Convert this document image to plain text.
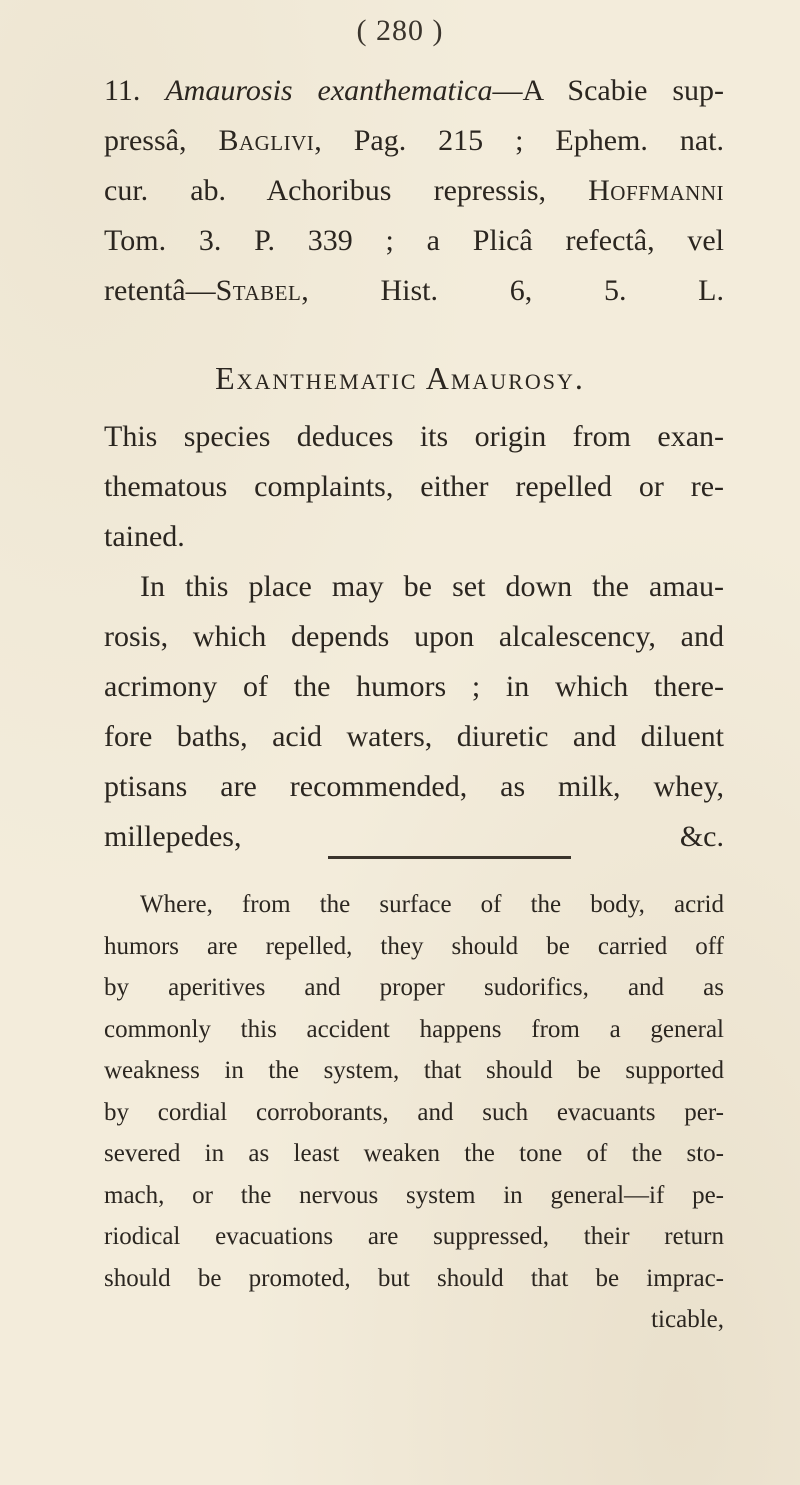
( 280 )
11. Amaurosis exanthematica—A Scabie sup-
pressâ, Baglivi, Pag. 215 ; Ephem. nat.
cur. ab. Achoribus repressis, Hoffmanni
Tom. 3. P. 339 ; a Plicâ refectâ, vel
retentâ—Stabel, Hist. 6, 5. L.
Exanthematic Amaurosy.
This species deduces its origin from exan-
thematous complaints, either repelled or re-
tained.
In this place may be set down the amau-
rosis, which depends upon alcalescency, and
acrimony of the humors ; in which there-
fore baths, acid waters, diuretic and diluent
ptisans are recommended, as milk, whey,
millepedes, &c.
Where, from the surface of the body, acrid
humors are repelled, they should be carried off
by aperitives and proper sudorifics, and as
commonly this accident happens from a general
weakness in the system, that should be supported
by cordial corroborants, and such evacuants per-
severed in as least weaken the tone of the sto-
mach, or the nervous system in general—if pe-
riodical evacuations are suppressed, their return
should be promoted, but should that be imprac-
ticable,
